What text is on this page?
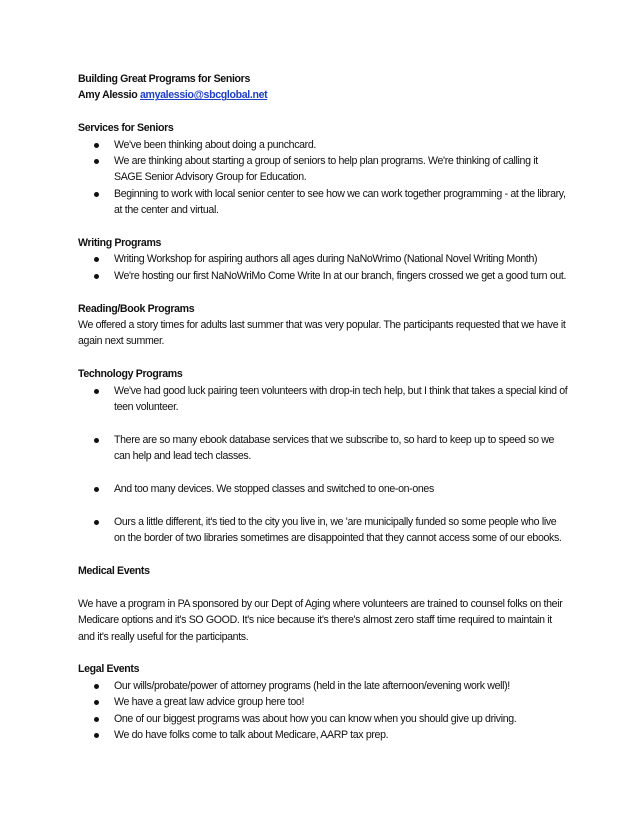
Building Great Programs for Seniors

Amy Alessio amyalessio@sbcglobal.net

Services for Seniors

We've been thinking about doing a punchcard.
We are thinking about starting a group of seniors to help plan programs. We're thinking of calling it SAGE Senior Advisory Group for Education.
Beginning to work with local senior center to see how we can work together programming - at the library, at the center and virtual.

Writing Programs

Writing Workshop for aspiring authors all ages during NaNoWrimo (National Novel Writing Month)
We're hosting our first NaNoWriMo Come Write In at our branch, fingers crossed we get a good turn out.

Reading/Book Programs

We offered a story times for adults last summer that was very popular. The participants requested that we have it again next summer.

Technology Programs

We've had good luck pairing teen volunteers with drop-in tech help, but I think that takes a special kind of teen volunteer.
There are so many ebook database services that we subscribe to, so hard to keep up to speed so we can help and lead tech classes.
And too many devices. We stopped classes and switched to one-on-ones
Ours a little different, it's tied to the city you live in, we 'are municipally funded so some people who live on the border of two libraries sometimes are disappointed that they cannot access some of our ebooks.

Medical Events

We have a program in PA sponsored by our Dept of Aging where volunteers are trained to counsel folks on their Medicare options and it's SO GOOD. It's nice because it's there's almost zero staff time required to maintain it and it's really useful for the participants.

Legal Events

Our wills/probate/power of attorney programs (held in the late afternoon/evening work well)!
We have a great law advice group here too!
One of our biggest programs was about how you can know when you should give up driving.
We do have folks come to talk about Medicare, AARP tax prep.
